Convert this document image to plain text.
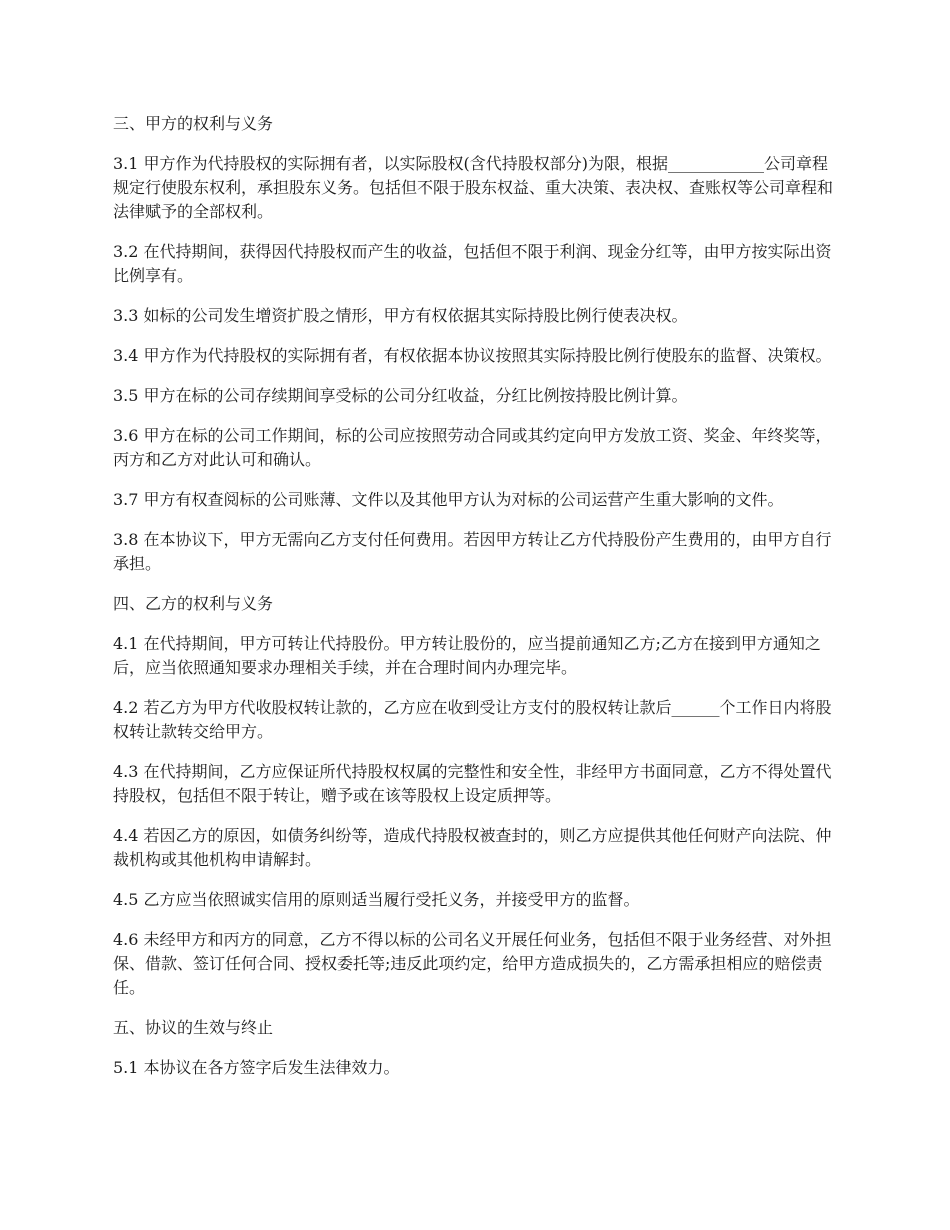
三、甲方的权利与义务

3.1 甲方作为代持股权的实际拥有者，以实际股权(含代持股权部分)为限，根据____________公司章程规定行使股东权利，承担股东义务。包括但不限于股东权益、重大决策、表决权、查账权等公司章程和法律赋予的全部权利。

3.2 在代持期间，获得因代持股权而产生的收益，包括但不限于利润、现金分红等，由甲方按实际出资比例享有。

3.3 如标的公司发生增资扩股之情形，甲方有权依据其实际持股比例行使表决权。

3.4 甲方作为代持股权的实际拥有者，有权依据本协议按照其实际持股比例行使股东的监督、决策权。

3.5 甲方在标的公司存续期间享受标的公司分红收益，分红比例按持股比例计算。

3.6 甲方在标的公司工作期间，标的公司应按照劳动合同或其约定向甲方发放工资、奖金、年终奖等，丙方和乙方对此认可和确认。

3.7 甲方有权查阅标的公司账薄、文件以及其他甲方认为对标的公司运营产生重大影响的文件。

3.8 在本协议下，甲方无需向乙方支付任何费用。若因甲方转让乙方代持股份产生费用的，由甲方自行承担。

四、乙方的权利与义务

4.1 在代持期间，甲方可转让代持股份。甲方转让股份的，应当提前通知乙方;乙方在接到甲方通知之后，应当依照通知要求办理相关手续，并在合理时间内办理完毕。

4.2 若乙方为甲方代收股权转让款的，乙方应在收到受让方支付的股权转让款后______个工作日内将股权转让款转交给甲方。

4.3 在代持期间，乙方应保证所代持股权权属的完整性和安全性，非经甲方书面同意，乙方不得处置代持股权，包括但不限于转让，赠予或在该等股权上设定质押等。

4.4 若因乙方的原因，如债务纠纷等，造成代持股权被查封的，则乙方应提供其他任何财产向法院、仲裁机构或其他机构申请解封。

4.5 乙方应当依照诚实信用的原则适当履行受托义务，并接受甲方的监督。

4.6 未经甲方和丙方的同意，乙方不得以标的公司名义开展任何业务，包括但不限于业务经营、对外担保、借款、签订任何合同、授权委托等;违反此项约定，给甲方造成损失的，乙方需承担相应的赔偿责任。

五、协议的生效与终止

5.1 本协议在各方签字后发生法律效力。
